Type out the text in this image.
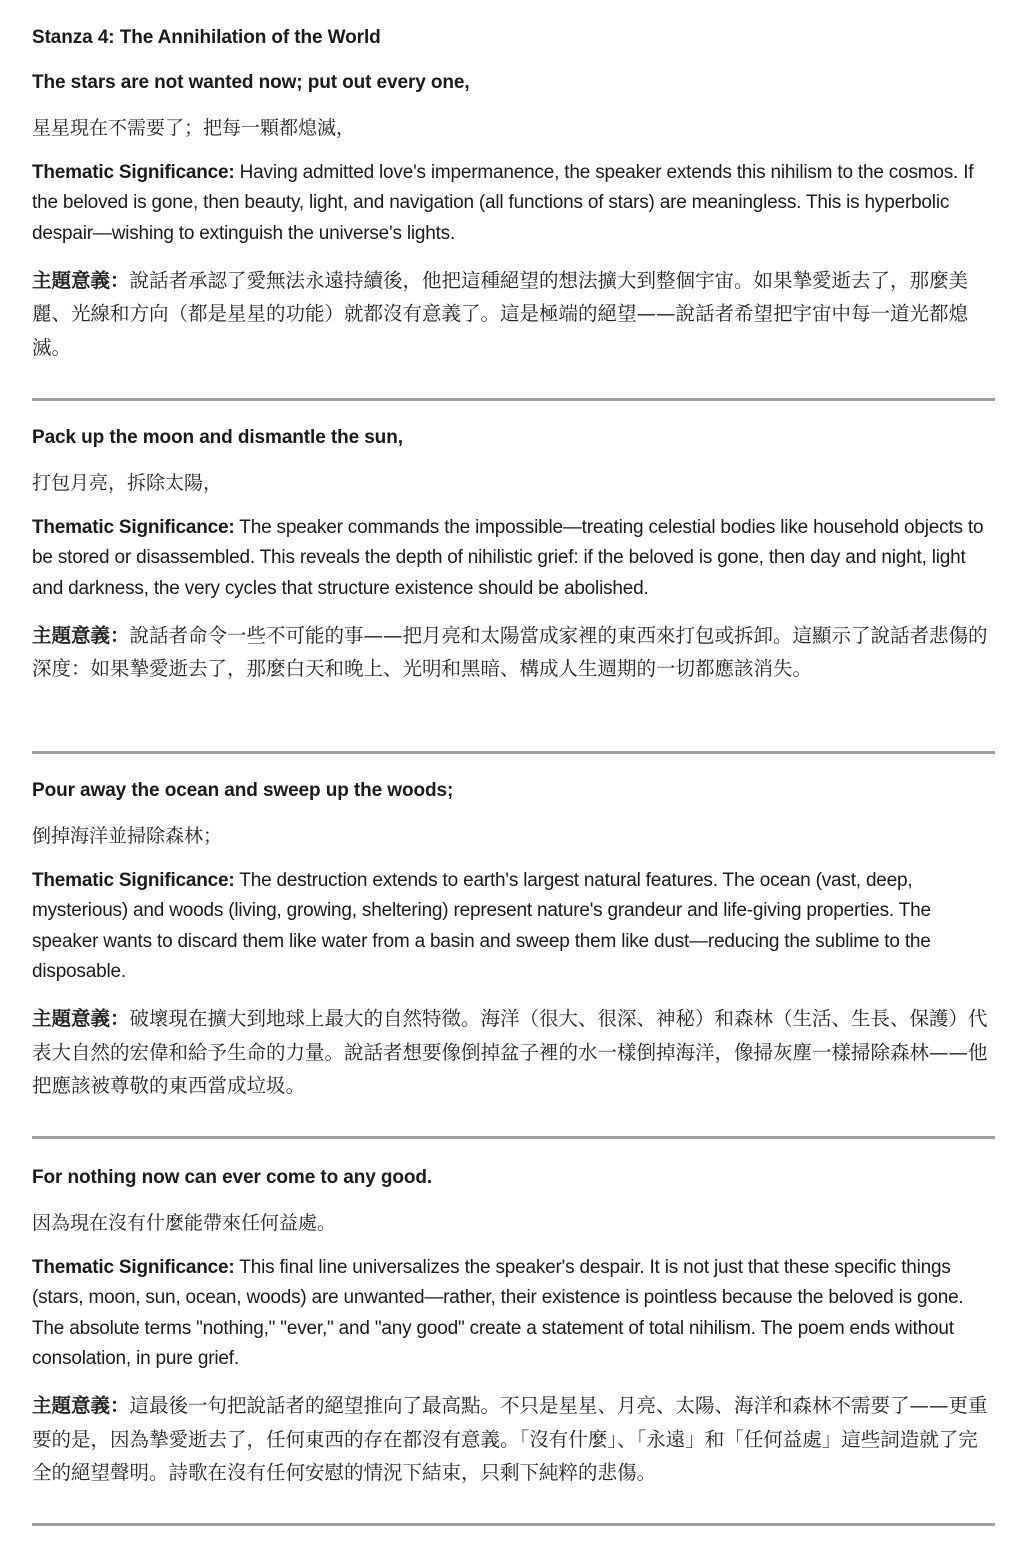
Stanza 4: The Annihilation of the World
The stars are not wanted now; put out every one,
星星現在不需要了；把每一顆都熄滅，
Thematic Significance: Having admitted love's impermanence, the speaker extends this nihilism to the cosmos. If the beloved is gone, then beauty, light, and navigation (all functions of stars) are meaningless. This is hyperbolic despair—wishing to extinguish the universe's lights.
主題意義：說話者承認了愛無法永遠持續後，他把這種絕望的想法擴大到整個宇宙。如果摯愛逝去了，那麼美麗、光線和方向（都是星星的功能）就都沒有意義了。這是極端的絕望——說話者希望把宇宙中每一道光都熄滅。
Pack up the moon and dismantle the sun,
打包月亮，拆除太陽，
Thematic Significance: The speaker commands the impossible—treating celestial bodies like household objects to be stored or disassembled. This reveals the depth of nihilistic grief: if the beloved is gone, then day and night, light and darkness, the very cycles that structure existence should be abolished.
主題意義：說話者命令一些不可能的事——把月亮和太陽當成家裡的東西來打包或拆卸。這顯示了說話者悲傷的深度：如果摯愛逝去了，那麼白天和晚上、光明和黑暗、構成人生週期的一切都應該消失。
Pour away the ocean and sweep up the woods;
倒掉海洋並掃除森林；
Thematic Significance: The destruction extends to earth's largest natural features. The ocean (vast, deep, mysterious) and woods (living, growing, sheltering) represent nature's grandeur and life-giving properties. The speaker wants to discard them like water from a basin and sweep them like dust—reducing the sublime to the disposable.
主題意義：破壞現在擴大到地球上最大的自然特徵。海洋（很大、很深、神秘）和森林（生活、生長、保護）代表大自然的宏偉和給予生命的力量。說話者想要像倒掉盆子裡的水一樣倒掉海洋，像掃灰塵一樣掃除森林——他把應該被尊敬的東西當成垃圾。
For nothing now can ever come to any good.
因為現在沒有什麼能帶來任何益處。
Thematic Significance: This final line universalizes the speaker's despair. It is not just that these specific things (stars, moon, sun, ocean, woods) are unwanted—rather, their existence is pointless because the beloved is gone. The absolute terms "nothing," "ever," and "any good" create a statement of total nihilism. The poem ends without consolation, in pure grief.
主題意義：這最後一句把說話者的絕望推向了最高點。不只是星星、月亮、太陽、海洋和森林不需要了——更重要的是，因為摯愛逝去了，任何東西的存在都沒有意義。「沒有什麼」、「永遠」和「任何益處」這些詞造就了完全的絕望聲明。詩歌在沒有任何安慰的情況下結束，只剩下純粹的悲傷。
